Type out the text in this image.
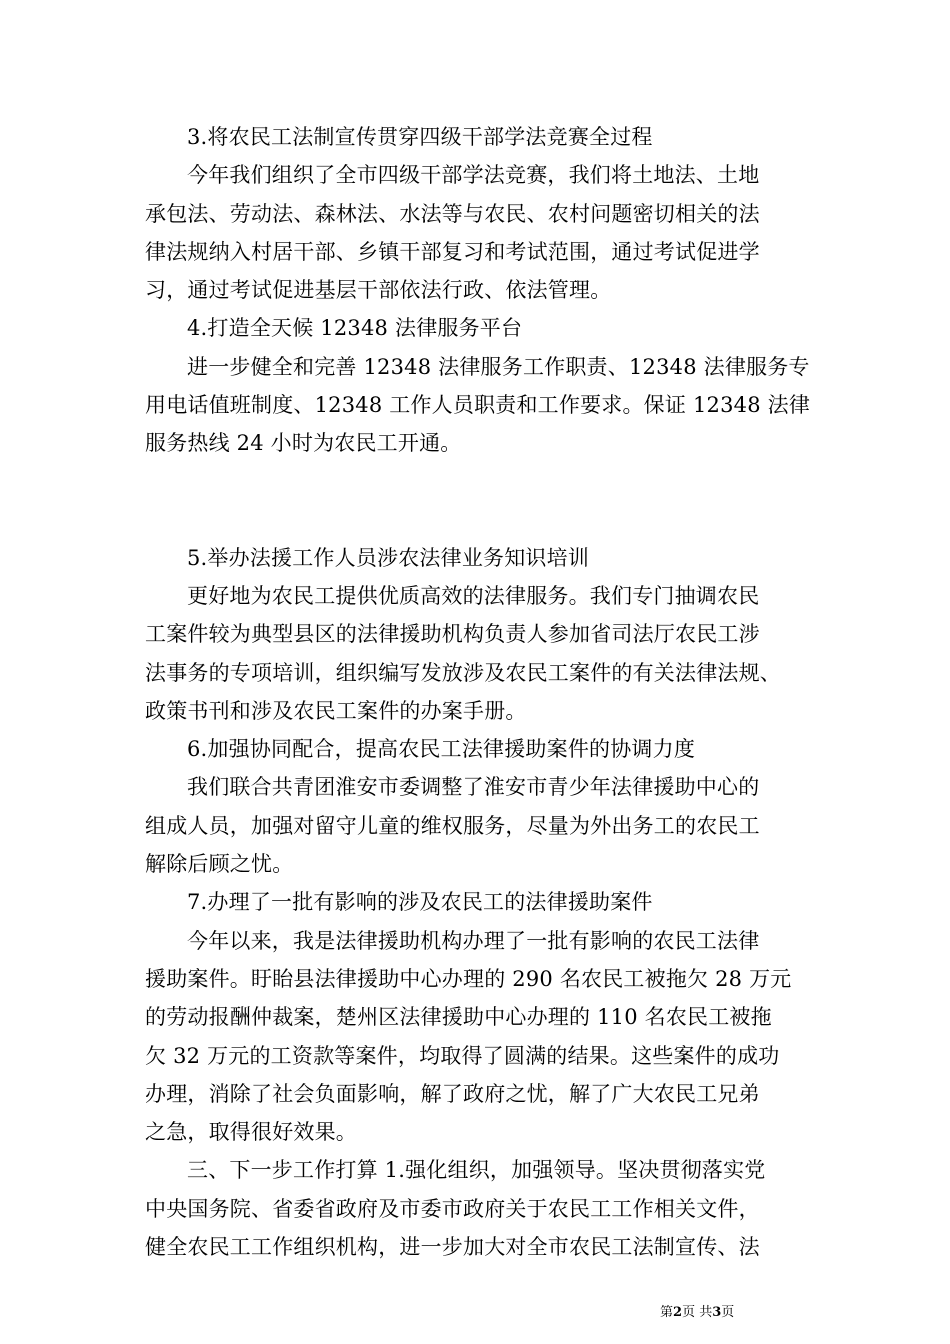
3.将农民工法制宣传贯穿四级干部学法竞赛全过程
今年我们组织了全市四级干部学法竞赛，我们将土地法、土地
承包法、劳动法、森林法、水法等与农民、农村问题密切相关的法
律法规纳入村居干部、乡镇干部复习和考试范围，通过考试促进学
习，通过考试促进基层干部依法行政、依法管理。
4.打造全天候 12348 法律服务平台
进一步健全和完善 12348 法律服务工作职责、12348 法律服务专
用电话值班制度、12348 工作人员职责和工作要求。保证 12348 法律
服务热线 24 小时为农民工开通。
5.举办法援工作人员涉农法律业务知识培训
更好地为农民工提供优质高效的法律服务。我们专门抽调农民
工案件较为典型县区的法律援助机构负责人参加省司法厅农民工涉
法事务的专项培训，组织编写发放涉及农民工案件的有关法律法规、
政策书刊和涉及农民工案件的办案手册。
6.加强协同配合，提高农民工法律援助案件的协调力度
我们联合共青团淮安市委调整了淮安市青少年法律援助中心的
组成人员，加强对留守儿童的维权服务，尽量为外出务工的农民工
解除后顾之忧。
7.办理了一批有影响的涉及农民工的法律援助案件
今年以来，我是法律援助机构办理了一批有影响的农民工法律
援助案件。盱眙县法律援助中心办理的 290 名农民工被拖欠 28 万元
的劳动报酬仲裁案，楚州区法律援助中心办理的 110 名农民工被拖
欠 32 万元的工资款等案件，均取得了圆满的结果。这些案件的成功
办理，消除了社会负面影响，解了政府之忧，解了广大农民工兄弟
之急，取得很好效果。
三、下一步工作打算 1.强化组织，加强领导。坚决贯彻落实党
中央国务院、省委省政府及市委市政府关于农民工工作相关文件，
健全农民工工作组织机构，进一步加大对全市农民工法制宣传、法
第2页 共3页
